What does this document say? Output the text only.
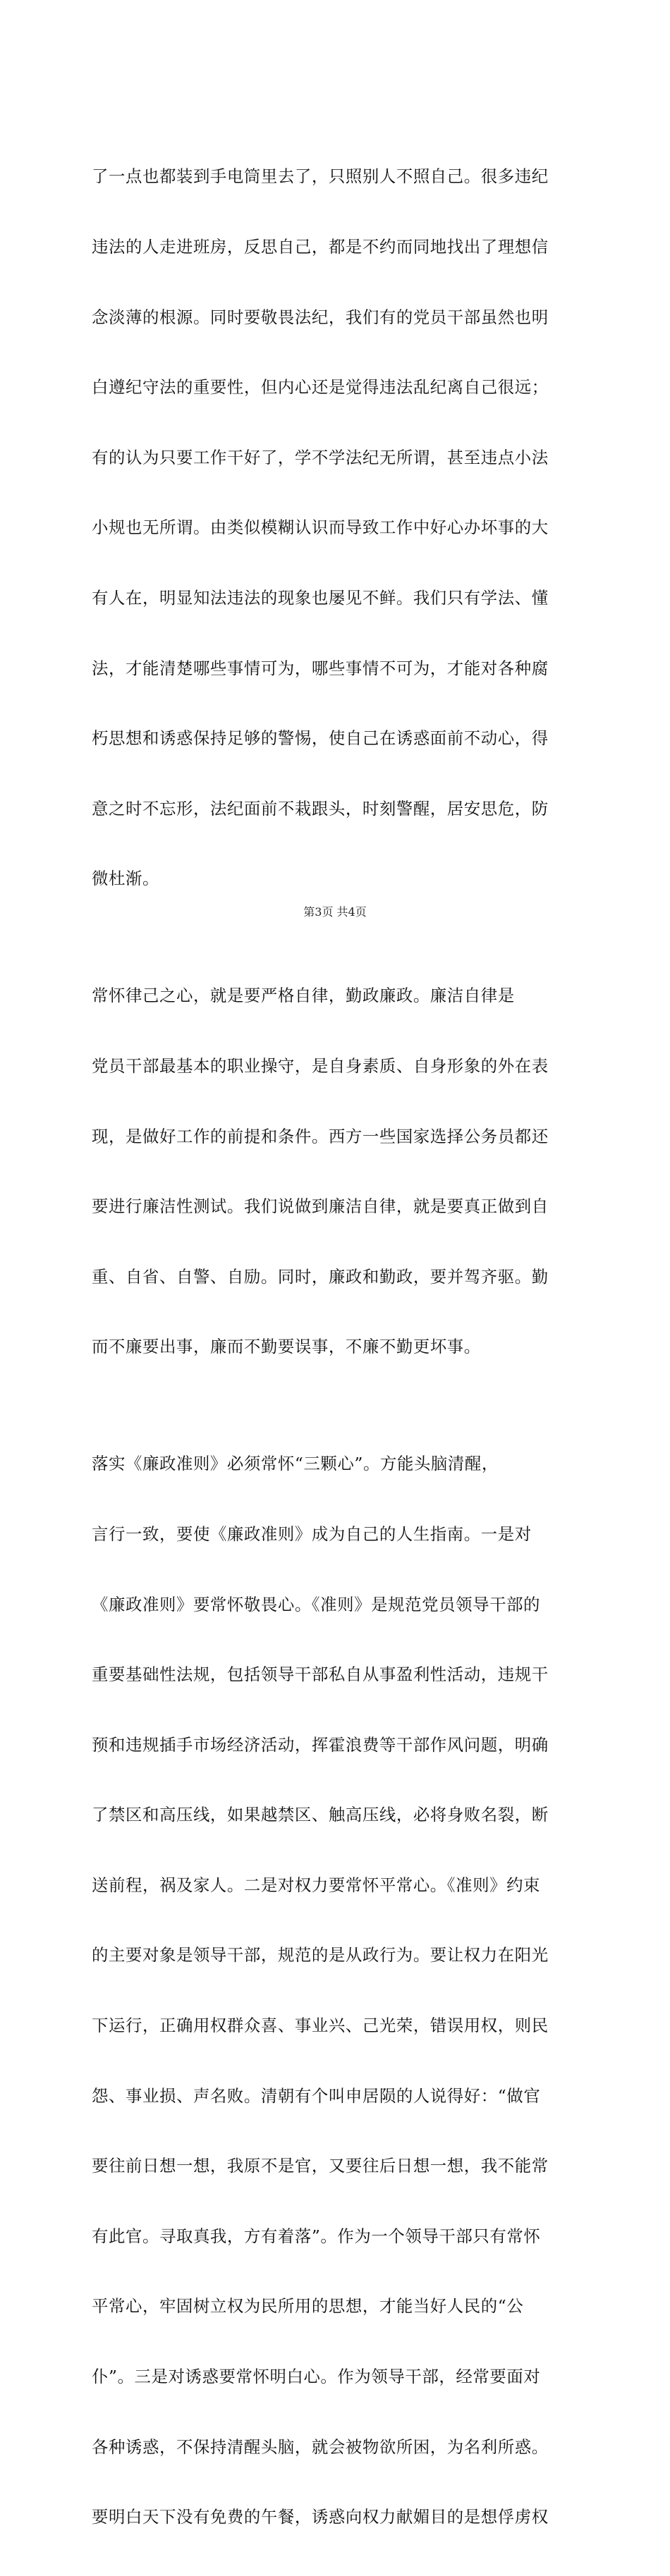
了一点也都装到手电筒里去了，只照别人不照自己。很多违纪

违法的人走进班房，反思自己，都是不约而同地找出了理想信

念淡薄的根源。同时要敬畏法纪，我们有的党员干部虽然也明

白遵纪守法的重要性，但内心还是觉得违法乱纪离自己很远；

有的认为只要工作干好了，学不学法纪无所谓，甚至违点小法

小规也无所谓。由类似模糊认识而导致工作中好心办坏事的大

有人在，明显知法违法的现象也屡见不鲜。我们只有学法、懂

法，才能清楚哪些事情可为，哪些事情不可为，才能对各种腐

朽思想和诱惑保持足够的警惕，使自己在诱惑面前不动心，得

意之时不忘形，法纪面前不栽跟头，时刻警醒，居安思危，防

微杜渐。

常怀律己之心，就是要严格自律，勤政廉政。廉洁自律是

党员干部最基本的职业操守，是自身素质、自身形象的外在表

现，是做好工作的前提和条件。西方一些国家选择公务员都还

要进行廉洁性测试。我们说做到廉洁自律，就是要真正做到自

重、自省、自警、自励。同时，廉政和勤政，要并驾齐驱。勤

而不廉要出事，廉而不勤要误事，不廉不勤更坏事。

落实《廉政准则》必须常怀“三颗心”。方能头脑清醒，

言行一致，要使《廉政准则》成为自己的人生指南。一是对

《廉政准则》要常怀敬畏心。《准则》是规范党员领导干部的

重要基础性法规，包括领导干部私自从事盈利性活动，违规干

预和违规插手市场经济活动，挥霍浪费等干部作风问题，明确

了禁区和高压线，如果越禁区、触高压线，必将身败名裂，断

送前程，祸及家人。二是对权力要常怀平常心。《准则》约束

的主要对象是领导干部，规范的是从政行为。要让权力在阳光

下运行，正确用权群众喜、事业兴、己光荣，错误用权，则民

怨、事业损、声名败。清朝有个叫申居陨的人说得好：“做官

要往前日想一想，我原不是官，又要往后日想一想，我不能常

有此官。寻取真我，方有着落”。作为一个领导干部只有常怀

平常心，牢固树立权为民所用的思想，才能当好人民的“公

仆”。三是对诱惑要常怀明白心。作为领导干部，经常要面对

各种诱惑，不保持清醒头脑，就会被物欲所困，为名利所惑。

要明白天下没有免费的午餐，诱惑向权力献媚目的是想俘虏权

第3页 共4页
